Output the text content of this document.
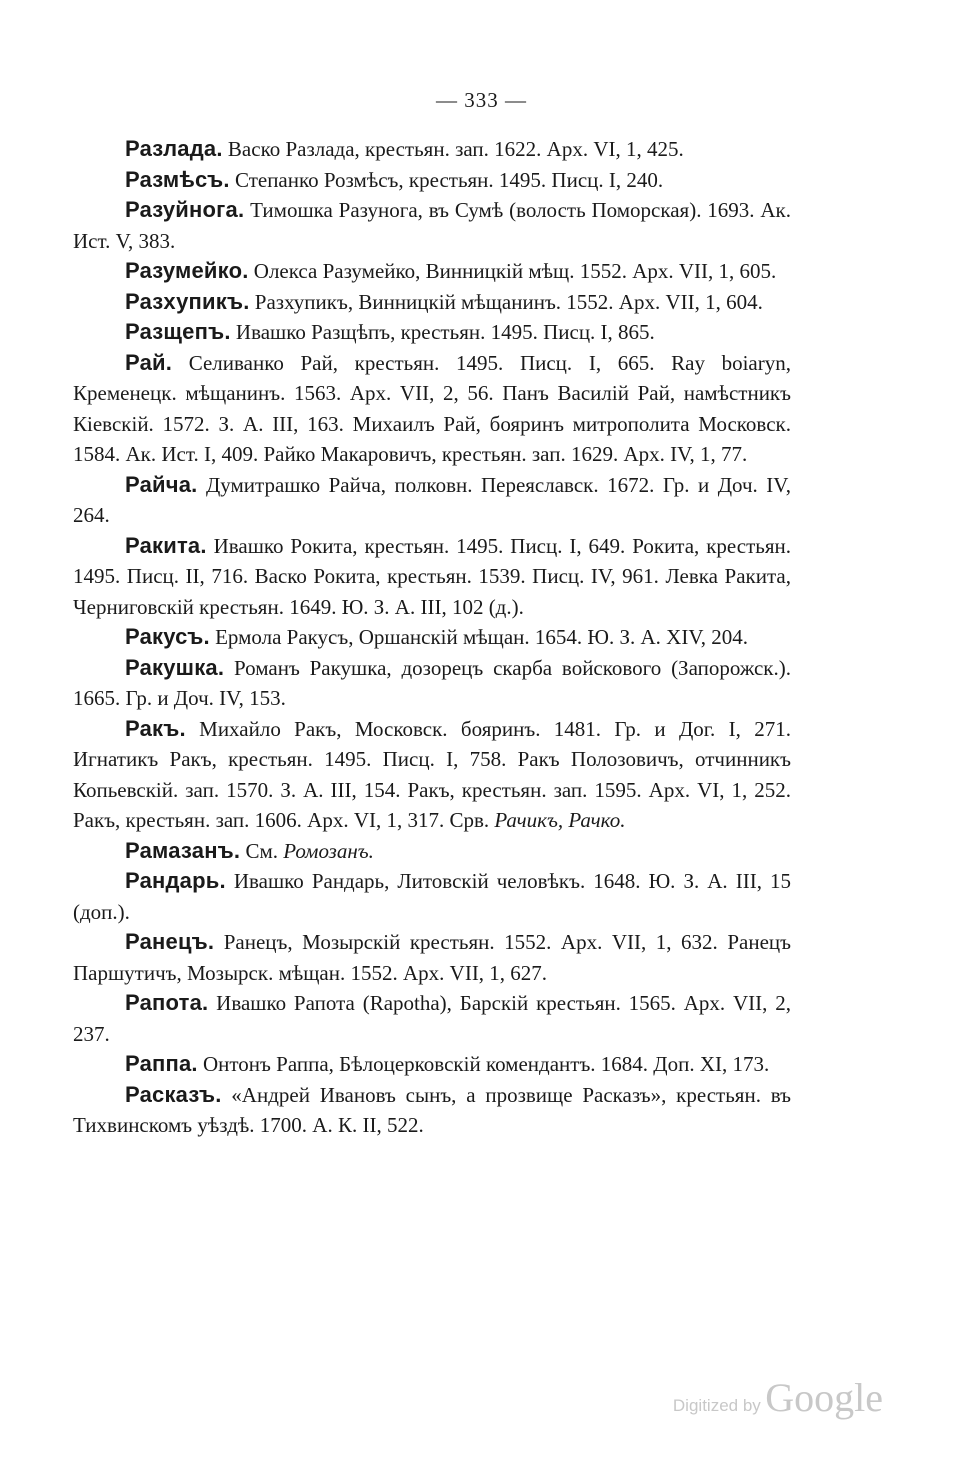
— 333 —

Разлада. Васко Разлада, крестьян. зап. 1622. Арх. VI, 1, 425.

Размѣсъ. Степанко Розмѣсъ, крестьян. 1495. Писц. I, 240.

Разуйнога. Тимошка Разунога, въ Сумѣ (волость Поморская). 1693. Ак. Ист. V, 383.

Разумейко. Олекса Разумейко, Винницкій мѣщ. 1552. Арх. VII, 1, 605.

Разхупикъ. Разхупикъ, Винницкій мѣщанинъ. 1552. Арх. VII, 1, 604.

Разщепъ. Ивашко Разщѣпъ, крестьян. 1495. Писц. I, 865.

Рай. Селиванко Рай, крестьян. 1495. Писц. I, 665. Ray boiaryn, Кременецк. мѣщанинъ. 1563. Арх. VII, 2, 56. Панъ Василій Рай, намѣстникъ Кіевскій. 1572. З. А. III, 163. Михаилъ Рай, бояринъ митрополита Московск. 1584. Ак. Ист. I, 409. Райко Макаровичъ, крестьян. зап. 1629. Арх. IV, 1, 77.

Райча. Думитрашко Райча, полковн. Переяславск. 1672. Гр. и Доч. IV, 264.

Ракита. Ивашко Рокита, крестьян. 1495. Писц. I, 649. Рокита, крестьян. 1495. Писц. II, 716. Васко Рокита, крестьян. 1539. Писц. IV, 961. Левка Ракита, Черниговскій крестьян. 1649. Ю. З. А. III, 102 (д.).

Ракусъ. Ермола Ракусъ, Оршанскій мѣщан. 1654. Ю. З. А. XIV, 204.

Ракушка. Романъ Ракушка, дозорецъ скарба войскового (Запорожск.). 1665. Гр. и Доч. IV, 153.

Ракъ. Михайло Ракъ, Московск. бояринъ. 1481. Гр. и Дог. I, 271. Игнатикъ Ракъ, крестьян. 1495. Писц. I, 758. Ракъ Полозовичъ, отчинникъ Копьевскій. зап. 1570. З. А. III, 154. Ракъ, крестьян. зап. 1595. Арх. VI, 1, 252. Ракъ, крестьян. зап. 1606. Арх. VI, 1, 317. Срв. Рачикъ, Рачко.

Рамазанъ. См. Ромозанъ.

Рандарь. Ивашко Рандарь, Литовскій человѣкъ. 1648. Ю. З. А. III, 15 (доп.).

Ранецъ. Ранецъ, Мозырскій крестьян. 1552. Арх. VII, 1, 632. Ранецъ Паршутичъ, Мозырск. мѣщан. 1552. Арх. VII, 1, 627.

Рапота. Ивашко Рапота (Rapotha), Барскій крестьян. 1565. Арх. VII, 2, 237.

Раппа. Онтонъ Раппа, Бѣлоцерковскій комендантъ. 1684. Доп. XI, 173.

Расказъ. «Андрей Ивановъ сынъ, а прозвище Расказъ», крестьян. въ Тихвинскомъ уѣздѣ. 1700. А. К. II, 522.

Digitized by Google
